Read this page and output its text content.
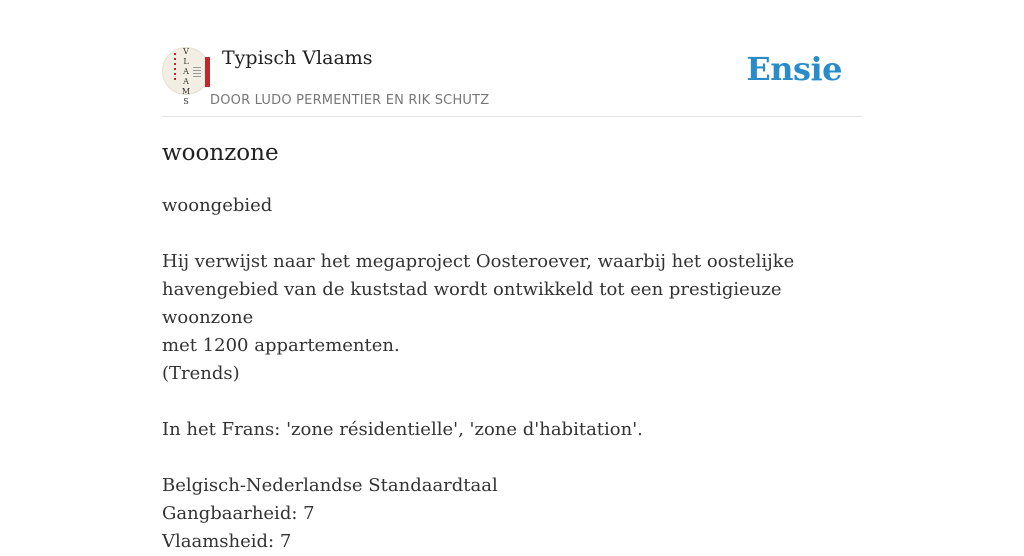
V
L
A
A
M
S
Typisch Vlaams
DOOR LUDO PERMENTIER EN RIK SCHUTZ
Ensie
woonzone

woongebied

Hij verwijst naar het megaproject Oosteroever, waarbij het oostelijke

havengebied van de kuststad wordt ontwikkeld tot een prestigieuze woonzone

met 1200 appartementen.

(Trends)

In het Frans: 'zone résidentielle', 'zone d'habitation'.

Belgisch-Nederlandse Standaardtaal

Gangbaarheid: 7

Vlaamsheid: 7
